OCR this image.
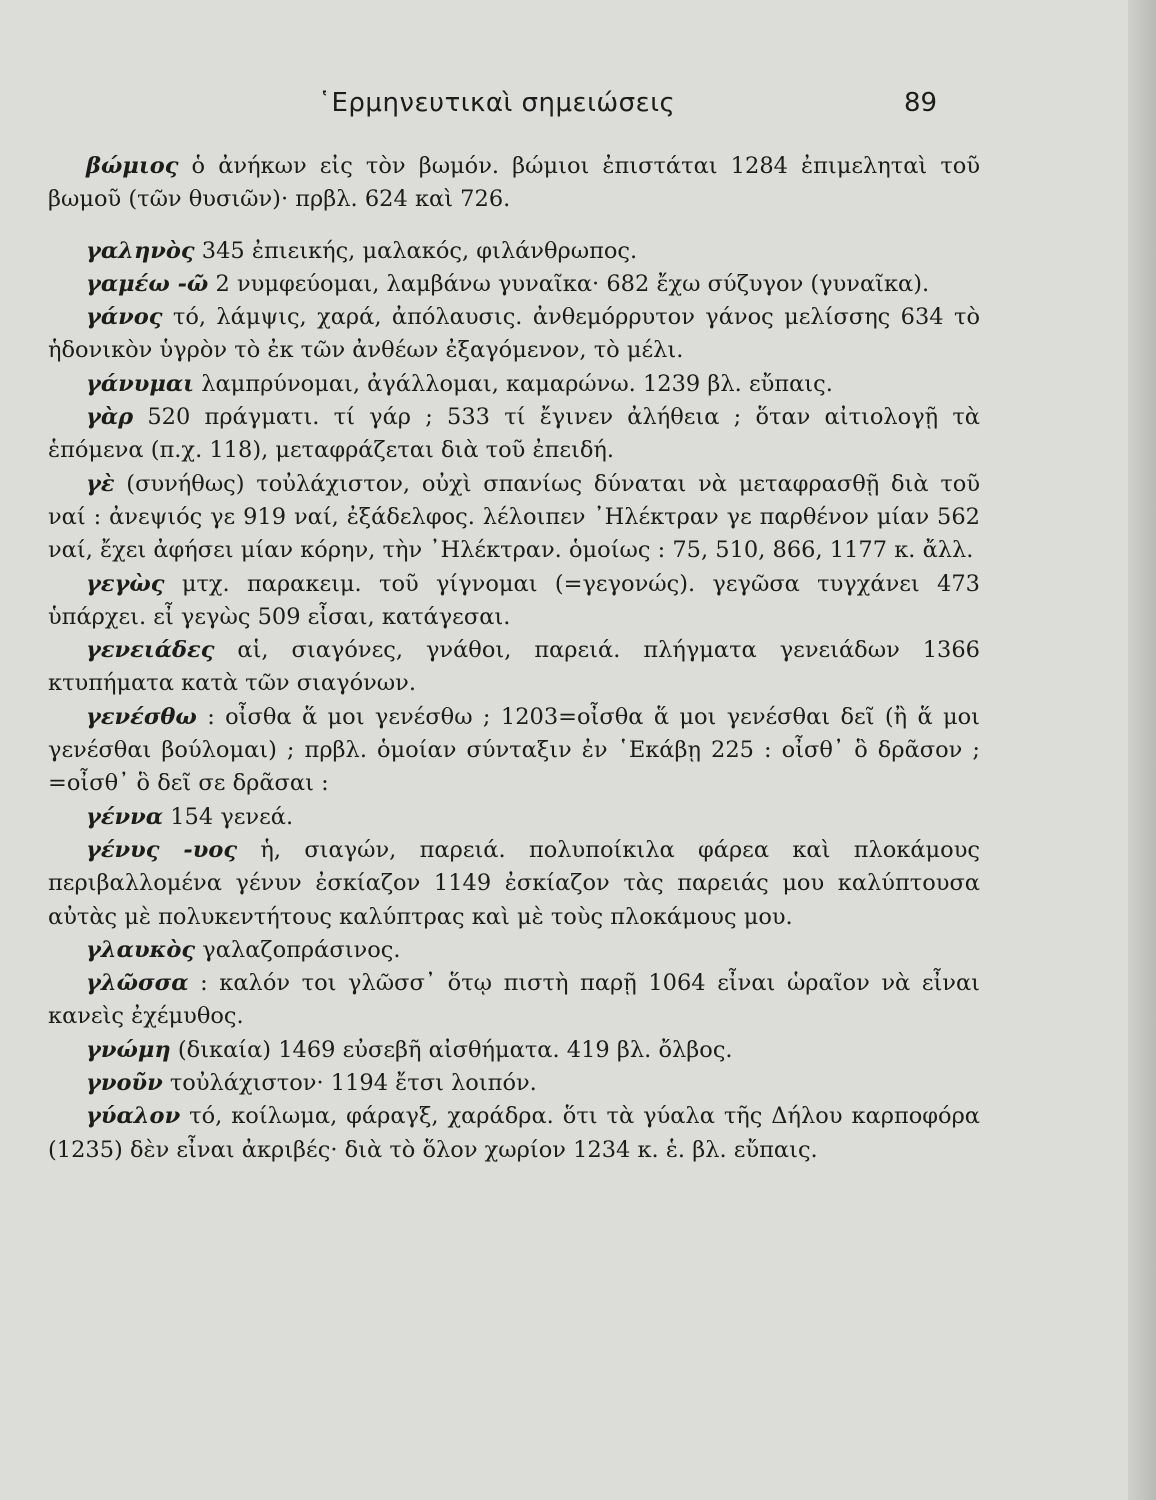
῾Ερμηνευτικαὶ σημειώσεις	89

βώμιος ὁ ἀνήκων εἰς τὸν βωμόν. βώμιοι ἐπιστάται 1284 ἐπιμεληταὶ τοῦ βωμοῦ (τῶν θυσιῶν)· πρβλ. 624 καὶ 726.

γαληνὸς 345 ἐπιεικής, μαλακός, φιλάνθρωπος.

γαμέω -ῶ 2 νυμφεύομαι, λαμβάνω γυναῖκα· 682 ἔχω σύζυγον (γυναῖκα).

γάνος τό, λάμψις, χαρά, ἀπόλαυσις. ἀνθεμόρρυτον γάνος μελίσσης 634 τὸ ἡδονικὸν ὑγρὸν τὸ ἐκ τῶν ἀνθέων ἐξαγόμενον, τὸ μέλι.

γάνυμαι λαμπρύνομαι, ἀγάλλομαι, καμαρώνω. 1239 βλ. εὔπαις.

γὰρ 520 πράγματι. τί γάρ ; 533 τί ἔγινεν ἀλήθεια ; ὅταν αἰτιολογῇ τὰ ἑπόμενα (π.χ. 118), μεταφράζεται διὰ τοῦ ἐπειδή.

γὲ (συνήθως) τοὐλάχιστον, οὐχὶ σπανίως δύναται νὰ μεταφρασθῇ διὰ τοῦ ναί : ἀνεψιός γε 919 ναί, ἐξάδελφος. λέλοιπεν ᾿Ηλέκτραν γε παρθένον μίαν 562 ναί, ἔχει ἀφήσει μίαν κόρην, τὴν ᾿Ηλέκτραν. ὁμοίως : 75, 510, 866, 1177 κ. ἄλλ.

γεγὼς μτχ. παρακειμ. τοῦ γίγνομαι (=γεγονώς). γεγῶσα τυγχάνει 473 ὑπάρχει. εἶ γεγὼς 509 εἶσαι, κατάγεσαι.

γενειάδες αἱ, σιαγόνες, γνάθοι, παρειά. πλήγματα γενειάδων 1366 κτυπήματα κατὰ τῶν σιαγόνων.

γενέσθω : οἶσθα ἅ μοι γενέσθω ; 1203=οἶσθα ἅ μοι γενέσθαι δεῖ (ἢ ἅ μοι γενέσθαι βούλομαι) ; πρβλ. ὁμοίαν σύνταξιν ἐν ῾Εκάβῃ 225 : οἶσθ᾿ ὃ δρᾶσον ; =οἶσθ᾿ ὃ δεῖ σε δρᾶσαι :

γέννα 154 γενεά.

γένυς -υος ἡ, σιαγών, παρειά. πολυποίκιλα φάρεα καὶ πλοκάμους περιβαλλομένα γένυν ἐσκίαζον 1149 ἐσκίαζον τὰς παρειάς μου καλύπτουσα αὐτὰς μὲ πολυκεντήτους καλύπτρας καὶ μὲ τοὺς πλοκάμους μου.

γλαυκὸς γαλαζοπράσινος.

γλῶσσα : καλόν τοι γλῶσσ᾿ ὅτῳ πιστὴ παρῇ 1064 εἶναι ὡραῖον νὰ εἶναι κανεὶς ἐχέμυθος.

γνώμη (δικαία) 1469 εὐσεβῆ αἰσθήματα. 419 βλ. ὄλβος.

γνοῦν τοὐλάχιστον· 1194 ἔτσι λοιπόν.

γύαλον τό, κοίλωμα, φάραγξ, χαράδρα. ὅτι τὰ γύαλα τῆς Δήλου καρποφόρα (1235) δὲν εἶναι ἀκριβές· διὰ τὸ ὅλον χωρίον 1234 κ. ἑ. βλ. εὔπαις.
